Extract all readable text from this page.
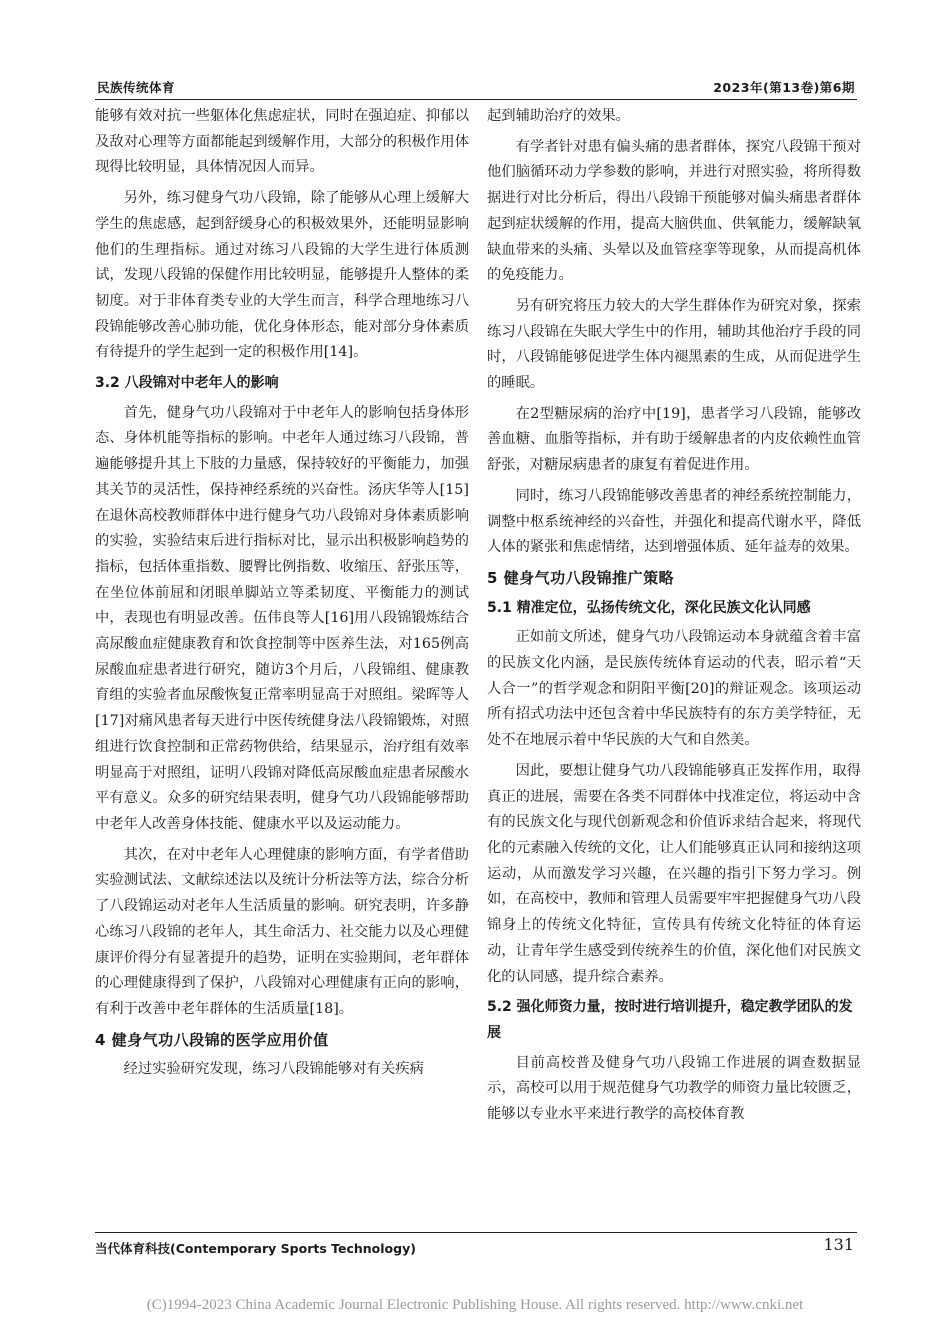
民族传统体育	2023年(第13卷)第6期

能够有效对抗一些躯体化焦虑症状，同时在强迫症、抑郁以及敌对心理等方面都能起到缓解作用，大部分的积极作用体现得比较明显，具体情况因人而异。

另外，练习健身气功八段锦，除了能够从心理上缓解大学生的焦虑感，起到舒缓身心的积极效果外，还能明显影响他们的生理指标。通过对练习八段锦的大学生进行体质测试，发现八段锦的保健作用比较明显，能够提升人整体的柔韧度。对于非体育类专业的大学生而言，科学合理地练习八段锦能够改善心肺功能，优化身体形态，能对部分身体素质有待提升的学生起到一定的积极作用[14]。

3.2 八段锦对中老年人的影响

首先，健身气功八段锦对于中老年人的影响包括身体形态、身体机能等指标的影响。中老年人通过练习八段锦，普遍能够提升其上下肢的力量感，保持较好的平衡能力，加强其关节的灵活性，保持神经系统的兴奋性。汤庆华等人[15]在退休高校教师群体中进行健身气功八段锦对身体素质影响的实验，实验结束后进行指标对比，显示出积极影响趋势的指标，包括体重指数、腰臀比例指数、收缩压、舒张压等，在坐位体前屈和闭眼单脚站立等柔韧度、平衡能力的测试中，表现也有明显改善。伍伟良等人[16]用八段锦锻炼结合高尿酸血症健康教育和饮食控制等中医养生法，对165例高尿酸血症患者进行研究，随访3个月后，八段锦组、健康教育组的实验者血尿酸恢复正常率明显高于对照组。梁晖等人[17]对痛风患者每天进行中医传统健身法八段锦锻炼，对照组进行饮食控制和正常药物供给，结果显示，治疗组有效率明显高于对照组，证明八段锦对降低高尿酸血症患者尿酸水平有意义。众多的研究结果表明，健身气功八段锦能够帮助中老年人改善身体技能、健康水平以及运动能力。

其次，在对中老年人心理健康的影响方面，有学者借助实验测试法、文献综述法以及统计分析法等方法，综合分析了八段锦运动对老年人生活质量的影响。研究表明，许多静心练习八段锦的老年人，其生命活力、社交能力以及心理健康评价得分有显著提升的趋势，证明在实验期间，老年群体的心理健康得到了保护，八段锦对心理健康有正向的影响，有利于改善中老年群体的生活质量[18]。

4 健身气功八段锦的医学应用价值

经过实验研究发现，练习八段锦能够对有关疾病

起到辅助治疗的效果。

有学者针对患有偏头痛的患者群体，探究八段锦干预对他们脑循环动力学参数的影响，并进行对照实验，将所得数据进行对比分析后，得出八段锦干预能够对偏头痛患者群体起到症状缓解的作用，提高大脑供血、供氧能力，缓解缺氧缺血带来的头痛、头晕以及血管痉挛等现象，从而提高机体的免疫能力。

另有研究将压力较大的大学生群体作为研究对象，探索练习八段锦在失眠大学生中的作用，辅助其他治疗手段的同时，八段锦能够促进学生体内褪黑素的生成，从而促进学生的睡眠。

在2型糖尿病的治疗中[19]，患者学习八段锦，能够改善血糖、血脂等指标，并有助于缓解患者的内皮依赖性血管舒张，对糖尿病患者的康复有着促进作用。

同时，练习八段锦能够改善患者的神经系统控制能力，调整中枢系统神经的兴奋性，并强化和提高代谢水平，降低人体的紧张和焦虑情绪，达到增强体质、延年益寿的效果。

5 健身气功八段锦推广策略
5.1 精准定位，弘扬传统文化，深化民族文化认同感

正如前文所述，健身气功八段锦运动本身就蕴含着丰富的民族文化内涵，是民族传统体育运动的代表，昭示着“天人合一”的哲学观念和阴阳平衡[20]的辩证观念。该项运动所有招式功法中还包含着中华民族特有的东方美学特征，无处不在地展示着中华民族的大气和自然美。

因此，要想让健身气功八段锦能够真正发挥作用，取得真正的进展，需要在各类不同群体中找准定位，将运动中含有的民族文化与现代创新观念和价值诉求结合起来，将现代化的元素融入传统的文化，让人们能够真正认同和接纳这项运动，从而激发学习兴趣，在兴趣的指引下努力学习。例如，在高校中，教师和管理人员需要牢牢把握健身气功八段锦身上的传统文化特征，宣传具有传统文化特征的体育运动，让青年学生感受到传统养生的价值，深化他们对民族文化的认同感，提升综合素养。

5.2 强化师资力量，按时进行培训提升，稳定教学团队的发展

目前高校普及健身气功八段锦工作进展的调查数据显示，高校可以用于规范健身气功教学的师资力量比较匮乏，能够以专业水平来进行教学的高校体育教

当代体育科技(Contemporary Sports Technology)	131
(C)1994-2023 China Academic Journal Electronic Publishing House. All rights reserved. http://www.cnki.net
